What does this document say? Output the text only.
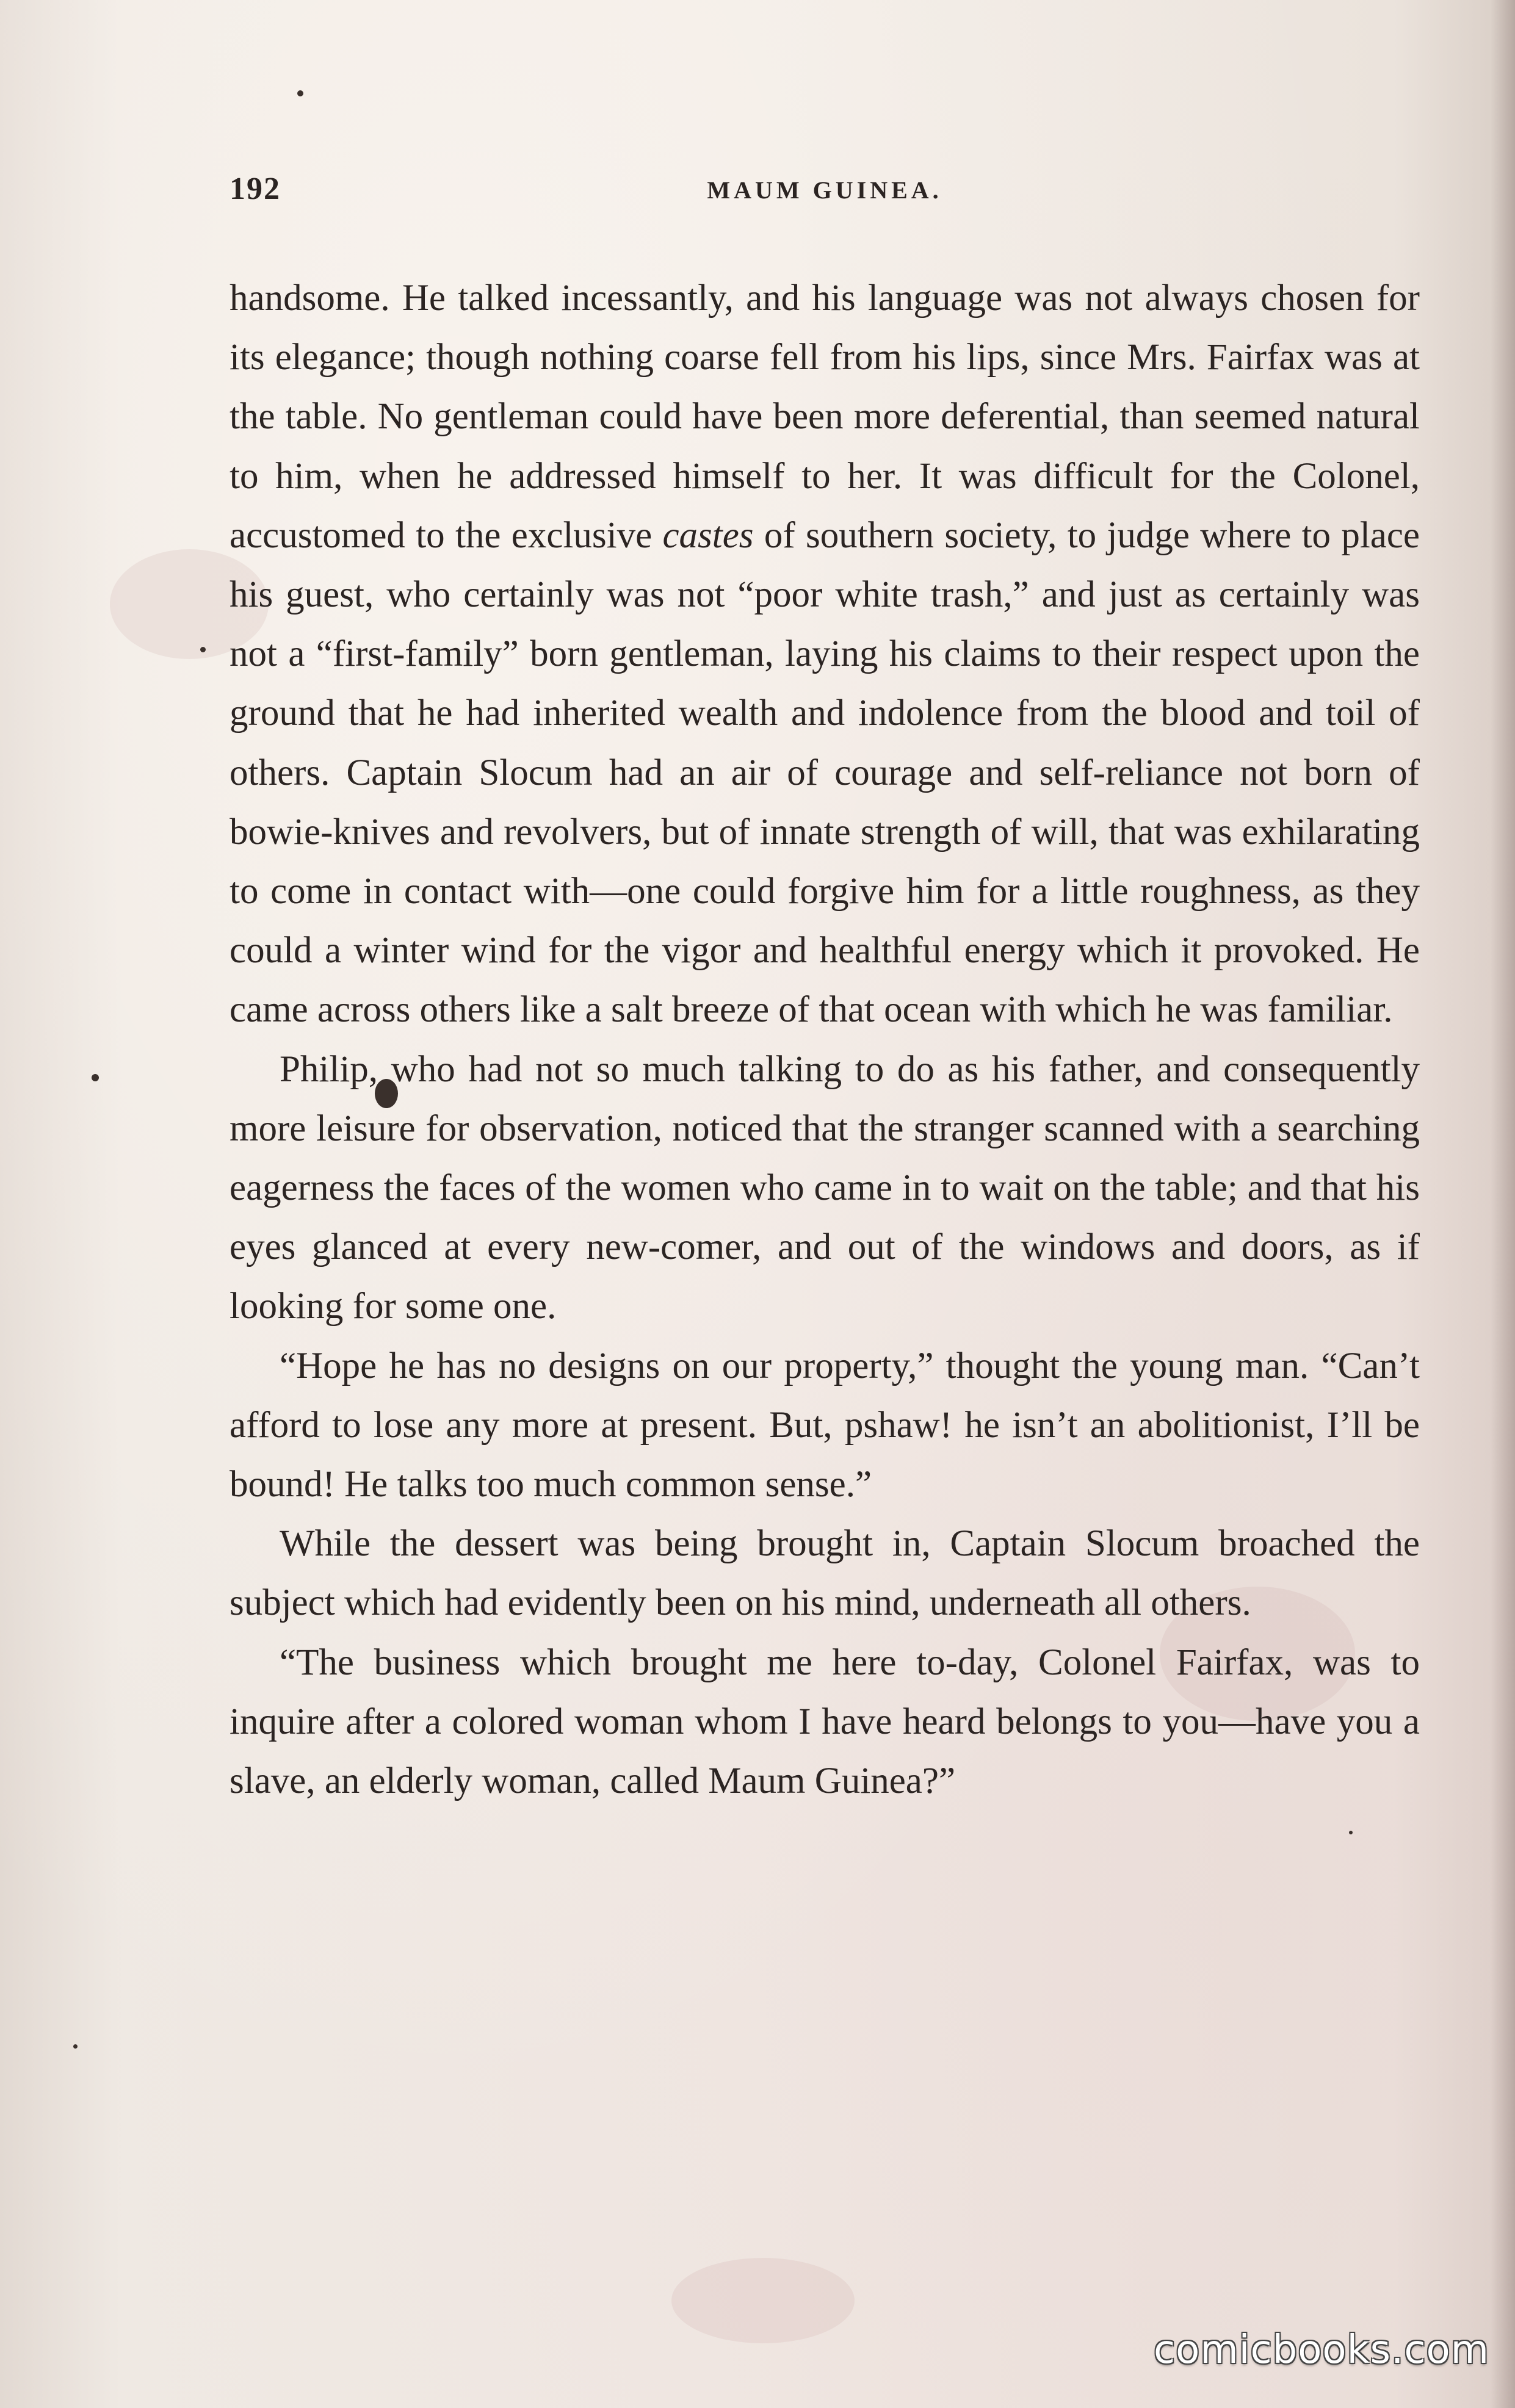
192	MAUM GUINEA.

handsome. He talked incessantly, and his language was not always chosen for its elegance; though nothing coarse fell from his lips, since Mrs. Fairfax was at the table. No gentleman could have been more deferential, than seemed natural to him, when he addressed himself to her. It was difficult for the Colonel, accustomed to the exclusive castes of southern society, to judge where to place his guest, who certainly was not “poor white trash,” and just as certainly was not a “first-family” born gentleman, laying his claims to their respect upon the ground that he had inherited wealth and indolence from the blood and toil of others. Captain Slocum had an air of courage and self-reliance not born of bowie-knives and revolvers, but of innate strength of will, that was exhilarating to come in contact with—one could forgive him for a little roughness, as they could a winter wind for the vigor and healthful energy which it provoked. He came across others like a salt breeze of that ocean with which he was familiar.

Philip, who had not so much talking to do as his father, and consequently more leisure for observation, noticed that the stranger scanned with a searching eagerness the faces of the women who came in to wait on the table; and that his eyes glanced at every new-comer, and out of the windows and doors, as if looking for some one.

“Hope he has no designs on our property,” thought the young man. “Can’t afford to lose any more at present. But, pshaw! he isn’t an abolitionist, I’ll be bound! He talks too much common sense.”

While the dessert was being brought in, Captain Slocum broached the subject which had evidently been on his mind, underneath all others.

“The business which brought me here to-day, Colonel Fairfax, was to inquire after a colored woman whom I have heard belongs to you—have you a slave, an elderly woman, called Maum Guinea?”

comicbooks.com
